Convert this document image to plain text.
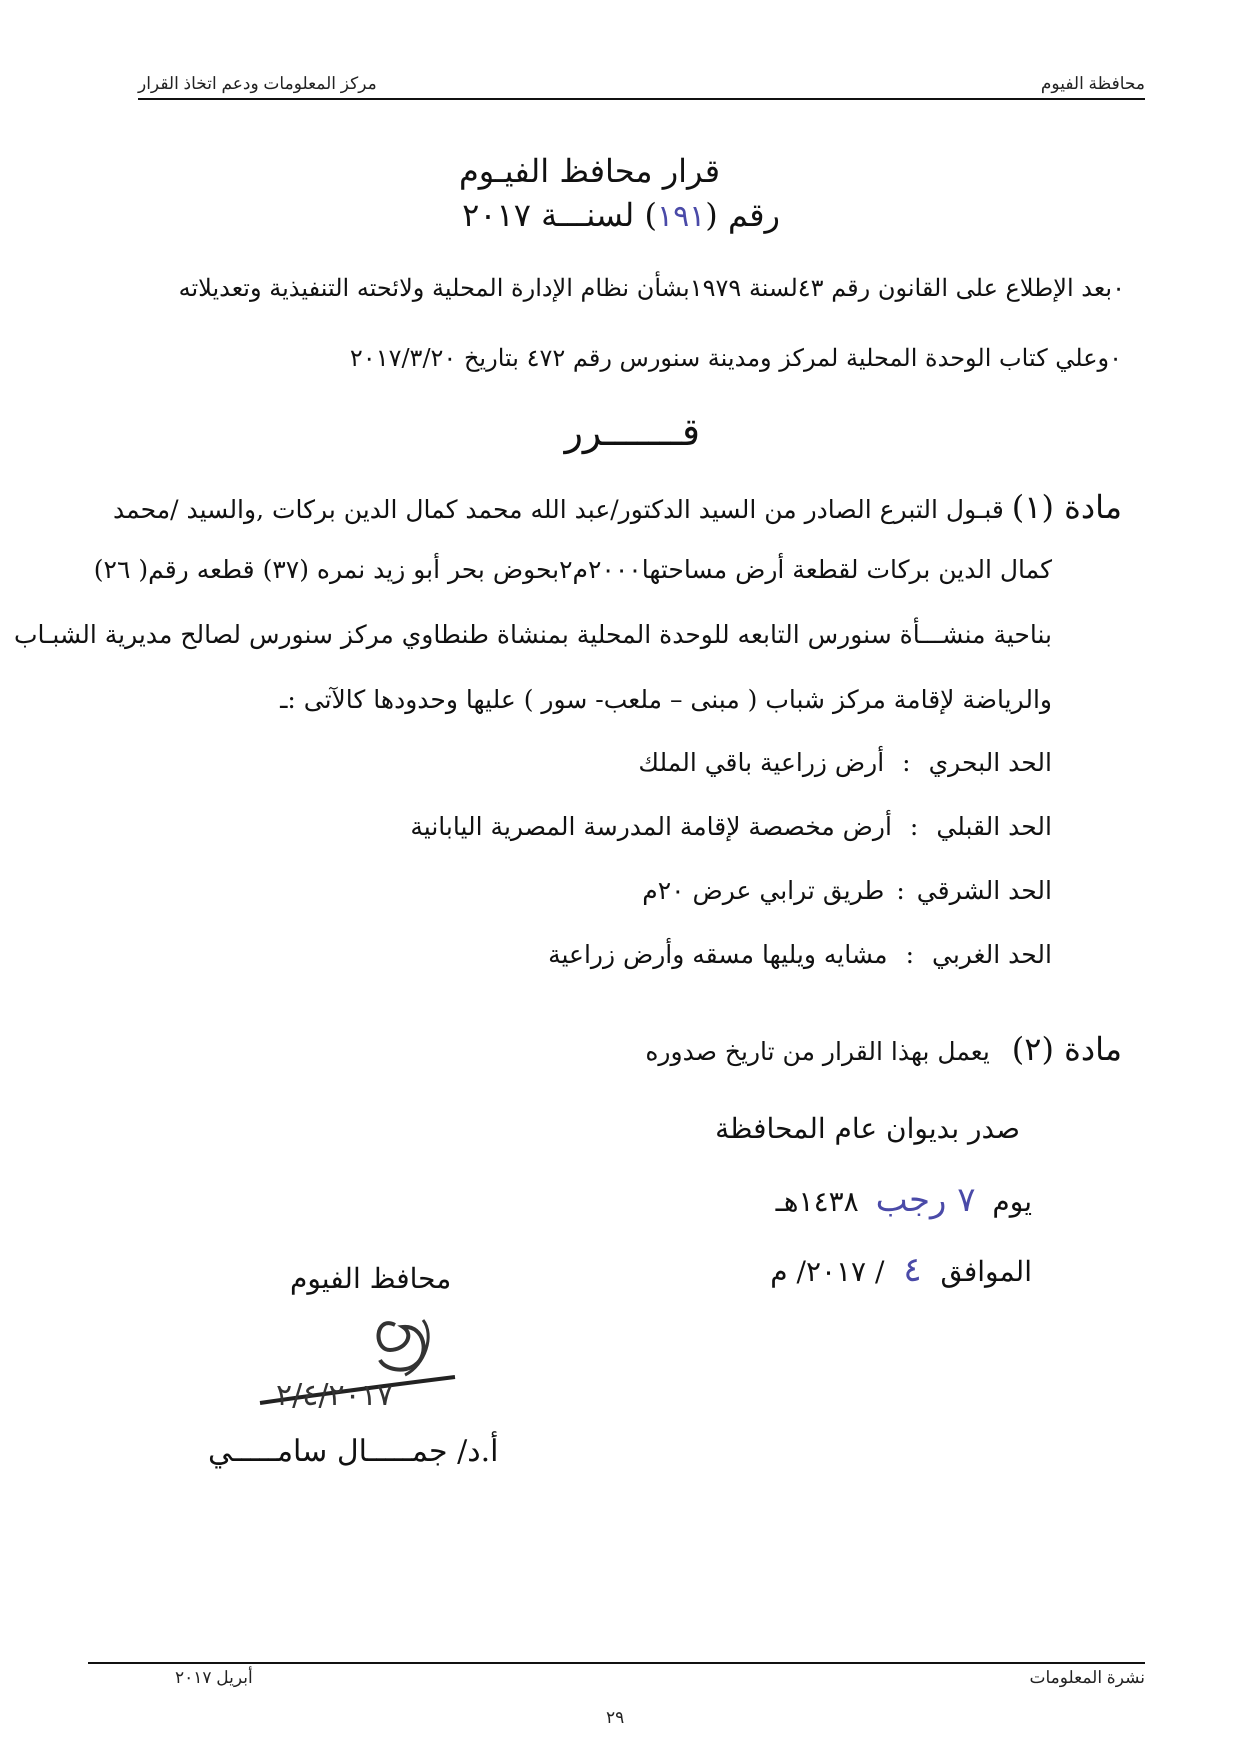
محافظة الفيوم
مركز المعلومات ودعم اتخاذ القرار
قرار محافظ الفيـوم
رقم (١٩١) لسنـــة ٢٠١٧
٠بعد الإطلاع على القانون رقم ٤٣لسنة ١٩٧٩بشأن نظام الإدارة المحلية ولائحته التنفيذية وتعديلاته
٠وعلي كتاب الوحدة المحلية لمركز ومدينة سنورس رقم ٤٧٢ بتاريخ ٢٠١٧/٣/٢٠
قـــــــرر
مادة (١) قبـول التبرع الصادر من السيد الدكتور/عبد الله محمد كمال الدين بركات ,والسيد /محمد
كمال الدين بركات لقطعة أرض مساحتها٢٠٠٠م٢بحوض بحر أبو زيد نمره (٣٧) قطعه رقم( ٢٦)
بناحية منشـــأة سنورس التابعه للوحدة المحلية بمنشاة طنطاوي مركز سنورس لصالح مديرية الشبـاب
والرياضة لإقامة مركز شباب ( مبنى – ملعب- سور ) عليها وحدودها كالآتى :ـ
الحد البحري:أرض زراعية باقي الملك
الحد القبلي:أرض مخصصة لإقامة المدرسة المصرية اليابانية
الحد الشرقي:طريق ترابي عرض ٢٠م
الحد الغربي:مشايه ويليها مسقه وأرض زراعية
مادة (٢) يعمل بهذا القرار من تاريخ صدوره
صدر بديوان عام المحافظة
يوم ٧ رجب ١٤٣٨هـ
الموافق ٤ / ٢٠١٧/ م
محافظ الفيوم
٢/٤/٢٠١٧
أ.د/ جمـــــال سامـــــي
نشرة المعلومات
أبريل ٢٠١٧
٢٩
